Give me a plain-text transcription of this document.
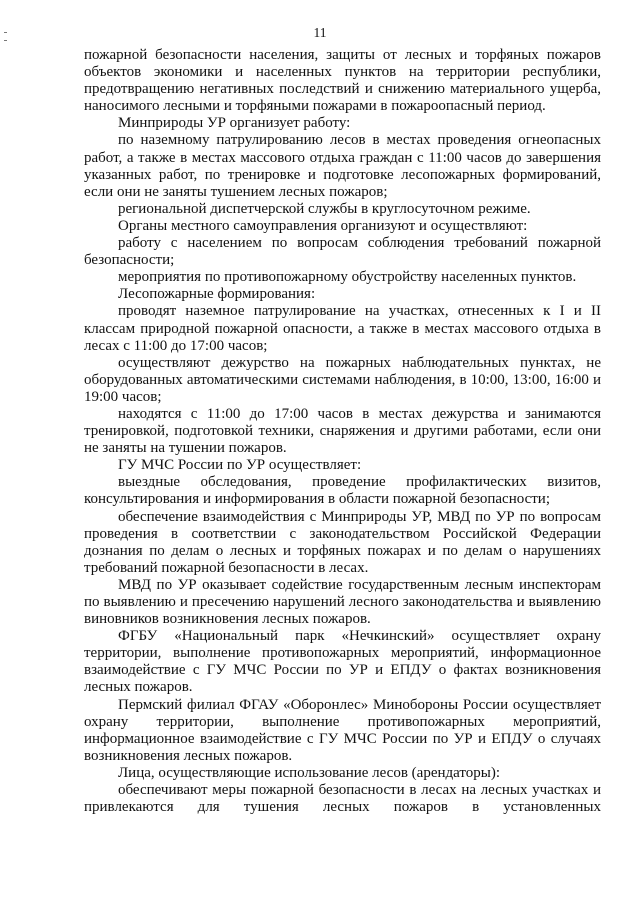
11

пожарной безопасности населения, защиты от лесных и торфяных пожаров объектов экономики и населенных пунктов на территории республики, предотвращению негативных последствий и снижению материального ущерба, наносимого лесными и торфяными пожарами в пожароопасный период.

Минприроды УР организует работу:

по наземному патрулированию лесов в местах проведения огнеопасных работ, а также в местах массового отдыха граждан с 11:00 часов до завершения указанных работ, по тренировке и подготовке лесопожарных формирований, если они не заняты тушением лесных пожаров;

региональной диспетчерской службы в круглосуточном режиме.

Органы местного самоуправления организуют и осуществляют:

работу с населением по вопросам соблюдения требований пожарной безопасности;

мероприятия по противопожарному обустройству населенных пунктов.

Лесопожарные формирования:

проводят наземное патрулирование на участках, отнесенных к I и II классам природной пожарной опасности, а также в местах массового отдыха в лесах с 11:00 до 17:00 часов;

осуществляют дежурство на пожарных наблюдательных пунктах, не оборудованных автоматическими системами наблюдения, в 10:00, 13:00, 16:00 и 19:00 часов;

находятся с 11:00 до 17:00 часов в местах дежурства и занимаются тренировкой, подготовкой техники, снаряжения и другими работами, если они не заняты на тушении пожаров.

ГУ МЧС России по УР осуществляет:

выездные обследования, проведение профилактических визитов, консультирования и информирования в области пожарной безопасности;

обеспечение взаимодействия с Минприроды УР, МВД по УР по вопросам проведения в соответствии с законодательством Российской Федерации дознания по делам о лесных и торфяных пожарах и по делам о нарушениях требований пожарной безопасности в лесах.

МВД по УР оказывает содействие государственным лесным инспекторам по выявлению и пресечению нарушений лесного законодательства и выявлению виновников возникновения лесных пожаров.

ФГБУ «Национальный парк «Нечкинский» осуществляет охрану территории, выполнение противопожарных мероприятий, информационное взаимодействие с ГУ МЧС России по УР и ЕПДУ о фактах возникновения лесных пожаров.

Пермский филиал ФГАУ «Оборонлес» Минобороны России осуществляет охрану территории, выполнение противопожарных мероприятий, информационное взаимодействие с ГУ МЧС России по УР и ЕПДУ о случаях возникновения лесных пожаров.

Лица, осуществляющие использование лесов (арендаторы):

обеспечивают меры пожарной безопасности в лесах на лесных участках и привлекаются для тушения лесных пожаров в установленных
